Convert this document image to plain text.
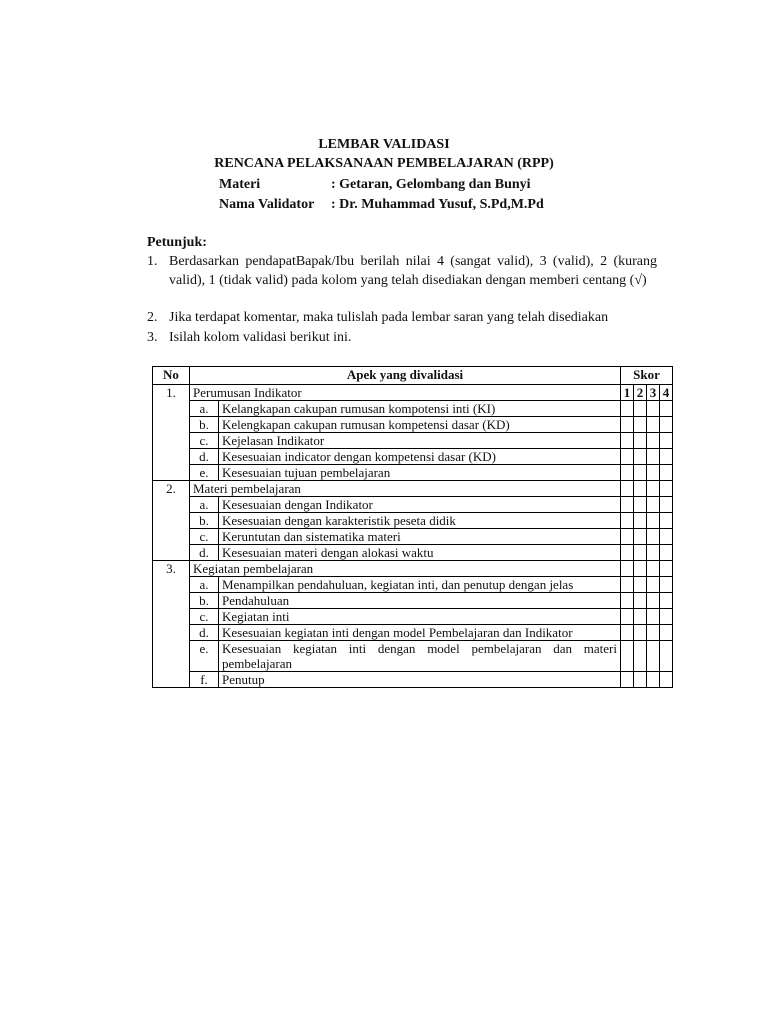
LEMBAR VALIDASI
RENCANA PELAKSANAAN PEMBELAJARAN (RPP)
Materi	: Getaran, Gelombang dan Bunyi
Nama Validator : Dr. Muhammad Yusuf, S.Pd,M.Pd
Petunjuk:
1. Berdasarkan pendapatBapak/Ibu berilah nilai 4 (sangat valid), 3 (valid), 2 (kurang valid), 1 (tidak valid) pada kolom yang telah disediakan dengan memberi centang (√)
2. Jika terdapat komentar, maka tulislah pada lembar saran yang telah disediakan
3. Isilah kolom validasi berikut ini.
No	Apek yang divalidasi		Skor			
1.	Perumusan Indikator		1	2	3	4
	a.	Kelangkapan cakupan rumusan kompotensi inti (KI)				
	b.	Kelengkapan cakupan rumusan kompetensi dasar (KD)				
	c.	Kejelasan Indikator				
	d.	Kesesuaian indicator dengan kompetensi dasar (KD)				
	e.	Kesesuaian tujuan pembelajaran				
2.	Materi pembelajaran					
	a.	Kesesuaian dengan Indikator				
	b.	Kesesuaian dengan karakteristik peseta didik				
	c.	Keruntutan dan sistematika materi				
	d.	Kesesuaian materi dengan alokasi waktu				
3.	Kegiatan pembelajaran					
	a.	Menampilkan pendahuluan, kegiatan inti, dan penutup dengan jelas				
	b.	Pendahuluan				
	c.	Kegiatan inti				
	d.	Kesesuaian kegiatan inti dengan model Pembelajaran dan Indikator				
	e.	Kesesuaian kegiatan inti dengan model pembelajaran dan materi pembelajaran				
	f.	Penutup				
